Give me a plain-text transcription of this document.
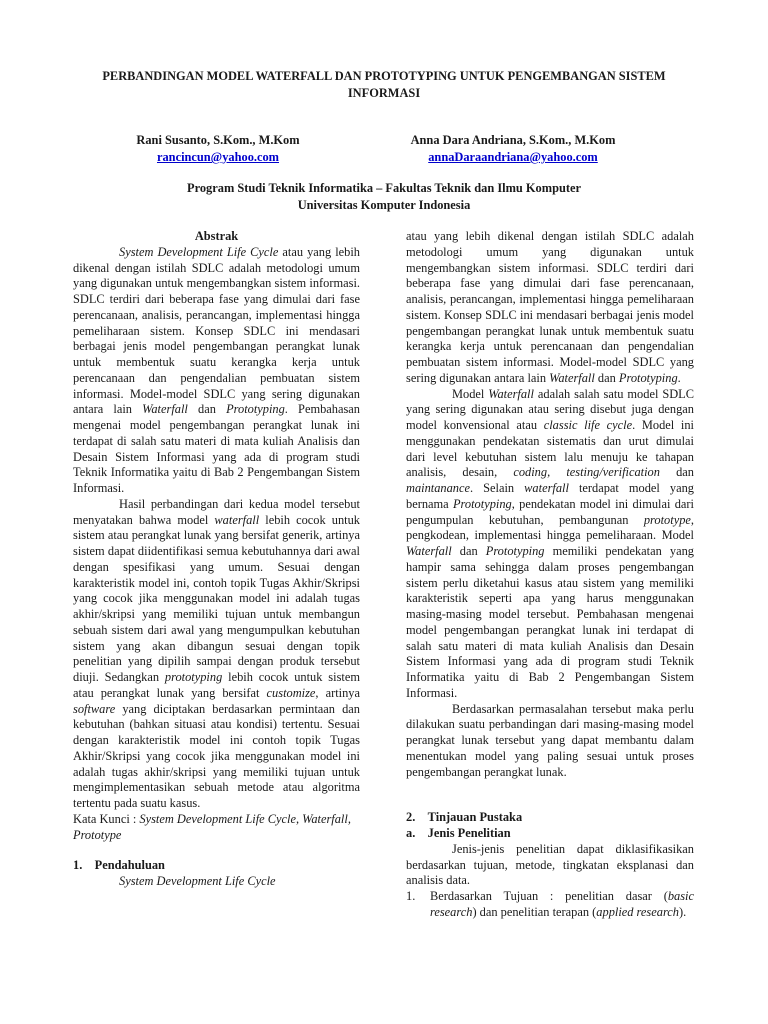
PERBANDINGAN MODEL WATERFALL DAN PROTOTYPING UNTUK PENGEMBANGAN SISTEM INFORMASI
Rani Susanto, S.Kom., M.Kom
rancincun@yahoo.com
Anna Dara Andriana, S.Kom., M.Kom
annaDaraandriana@yahoo.com
Program Studi Teknik Informatika – Fakultas Teknik dan Ilmu Komputer
Universitas Komputer Indonesia

Abstrak

System Development Life Cycle atau yang lebih dikenal dengan istilah SDLC adalah metodologi umum yang digunakan untuk mengembangkan sistem informasi. SDLC terdiri dari beberapa fase yang dimulai dari fase perencanaan, analisis, perancangan, implementasi hingga pemeliharaan sistem. Konsep SDLC ini mendasari berbagai jenis model pengembangan perangkat lunak untuk membentuk suatu kerangka kerja untuk perencanaan dan pengendalian pembuatan sistem informasi. Model-model SDLC yang sering digunakan antara lain Waterfall dan Prototyping. Pembahasan mengenai model pengembangan perangkat lunak ini terdapat di salah satu materi di mata kuliah Analisis dan Desain Sistem Informasi yang ada di program studi Teknik Informatika yaitu di Bab 2 Pengembangan Sistem Informasi.

Hasil perbandingan dari kedua model tersebut menyatakan bahwa model waterfall lebih cocok untuk sistem atau perangkat lunak yang bersifat generik, artinya sistem dapat diidentifikasi semua kebutuhannya dari awal dengan spesifikasi yang umum. Sesuai dengan karakteristik model ini, contoh topik Tugas Akhir/Skripsi yang cocok jika menggunakan model ini adalah tugas akhir/skripsi yang memiliki tujuan untuk membangun sebuah sistem dari awal yang mengumpulkan kebutuhan sistem yang akan dibangun sesuai dengan topik penelitian yang dipilih sampai dengan produk tersebut diuji. Sedangkan prototyping lebih cocok untuk sistem atau perangkat lunak yang bersifat customize, artinya software yang diciptakan berdasarkan permintaan dan kebutuhan (bahkan situasi atau kondisi) tertentu. Sesuai dengan karakteristik model ini contoh topik Tugas Akhir/Skripsi yang cocok jika menggunakan model ini adalah tugas akhir/skripsi yang memiliki tujuan untuk mengimplementasikan sebuah metode atau algoritma tertentu pada suatu kasus.

Kata Kunci : System Development Life Cycle, Waterfall, Prototype

1.    Pendahuluan

System Development Life Cycle

atau yang lebih dikenal dengan istilah SDLC adalah metodologi umum yang digunakan untuk mengembangkan sistem informasi. SDLC terdiri dari beberapa fase yang dimulai dari fase perencanaan, analisis, perancangan, implementasi hingga pemeliharaan sistem. Konsep SDLC ini mendasari berbagai jenis model pengembangan perangkat lunak untuk membentuk suatu kerangka kerja untuk perencanaan dan pengendalian pembuatan sistem informasi. Model-model SDLC yang sering digunakan antara lain Waterfall dan Prototyping.

Model Waterfall adalah salah satu model SDLC yang sering digunakan atau sering disebut juga dengan model konvensional atau classic life cycle. Model ini menggunakan pendekatan sistematis dan urut dimulai dari level kebutuhan sistem lalu menuju ke tahapan analisis, desain, coding, testing/verification dan maintanance. Selain waterfall terdapat model yang bernama Prototyping, pendekatan model ini dimulai dari pengumpulan kebutuhan, pembangunan prototype, pengkodean, implementasi hingga pemeliharaan. Model Waterfall dan Prototyping memiliki pendekatan yang hampir sama sehingga dalam proses pengembangan sistem perlu diketahui kasus atau sistem yang memiliki karakteristik seperti apa yang harus menggunakan masing-masing model tersebut. Pembahasan mengenai model pengembangan perangkat lunak ini terdapat di salah satu materi di mata kuliah Analisis dan Desain Sistem Informasi yang ada di program studi Teknik Informatika yaitu di Bab 2 Pengembangan Sistem Informasi.

Berdasarkan permasalahan tersebut maka perlu dilakukan suatu perbandingan dari masing-masing model perangkat lunak tersebut yang dapat membantu dalam menentukan model yang paling sesuai untuk proses pengembangan perangkat lunak.

2.    Tinjauan Pustaka

a.    Jenis Penelitian

Jenis-jenis penelitian dapat diklasifikasikan berdasarkan tujuan, metode, tingkatan eksplanasi dan analisis data.

1.	Berdasarkan Tujuan : penelitian dasar (basic research) dan penelitian terapan (applied research).
